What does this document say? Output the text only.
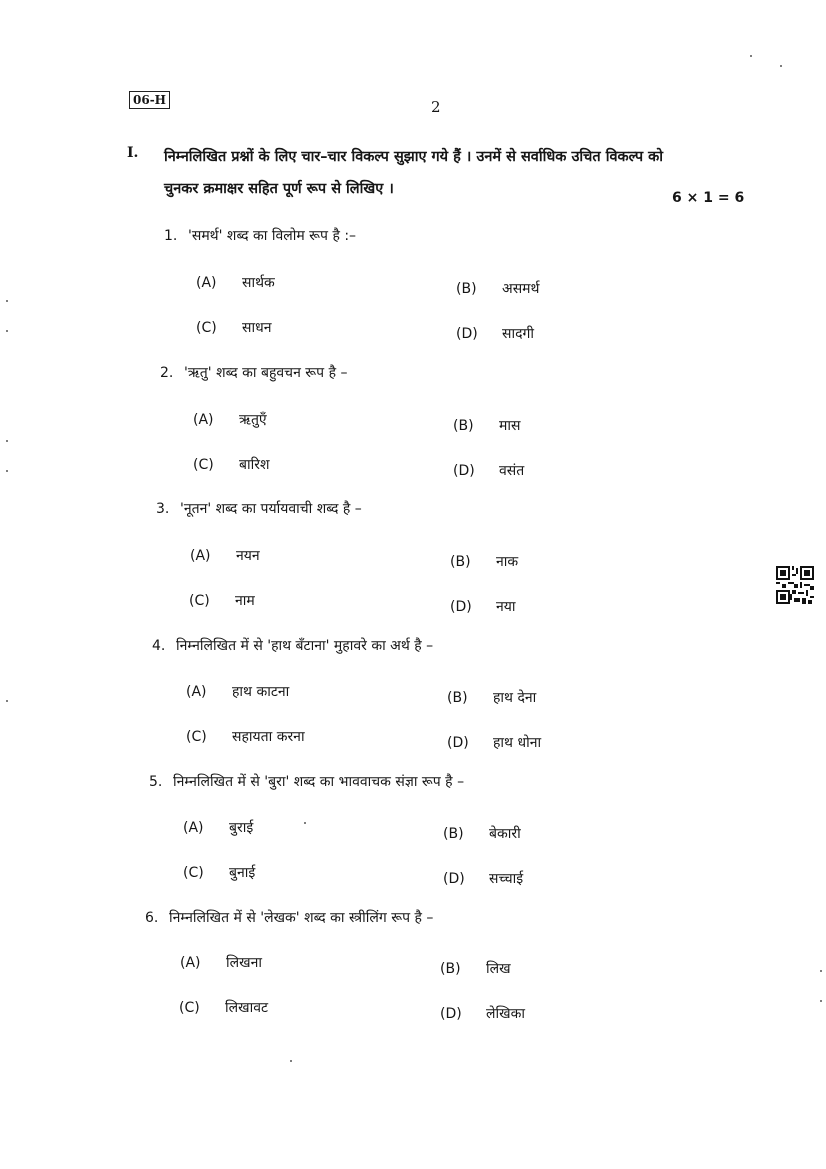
06-H	2
I. निम्नलिखित प्रश्नों के लिए चार–चार विकल्प सुझाए गये हैं । उनमें से सर्वाधिक उचित विकल्प को
चुनकर क्रमाक्षर सहित पूर्ण रूप से लिखिए ।
6 × 1 = 6
1. 'समर्थ' शब्द का विलोम रूप है :–
(A) सार्थक	(B) असमर्थ
(C) साधन	(D) सादगी
2. 'ऋतु' शब्द का बहुवचन रूप है –
(A) ऋतुएँ	(B) मास
(C) बारिश	(D) वसंत
3. 'नूतन' शब्द का पर्यायवाची शब्द है –
(A) नयन	(B) नाक
(C) नाम	(D) नया
4. निम्नलिखित में से 'हाथ बँटाना' मुहावरे का अर्थ है –
(A) हाथ काटना	(B) हाथ देना
(C) सहायता करना	(D) हाथ धोना
5. निम्नलिखित में से 'बुरा' शब्द का भाववाचक संज्ञा रूप है –
(A) बुराई	(B) बेकारी
(C) बुनाई	(D) सच्चाई
6. निम्नलिखित में से 'लेखक' शब्द का स्त्रीलिंग रूप है –
(A) लिखना	(B) लिख
(C) लिखावट	(D) लेखिका
